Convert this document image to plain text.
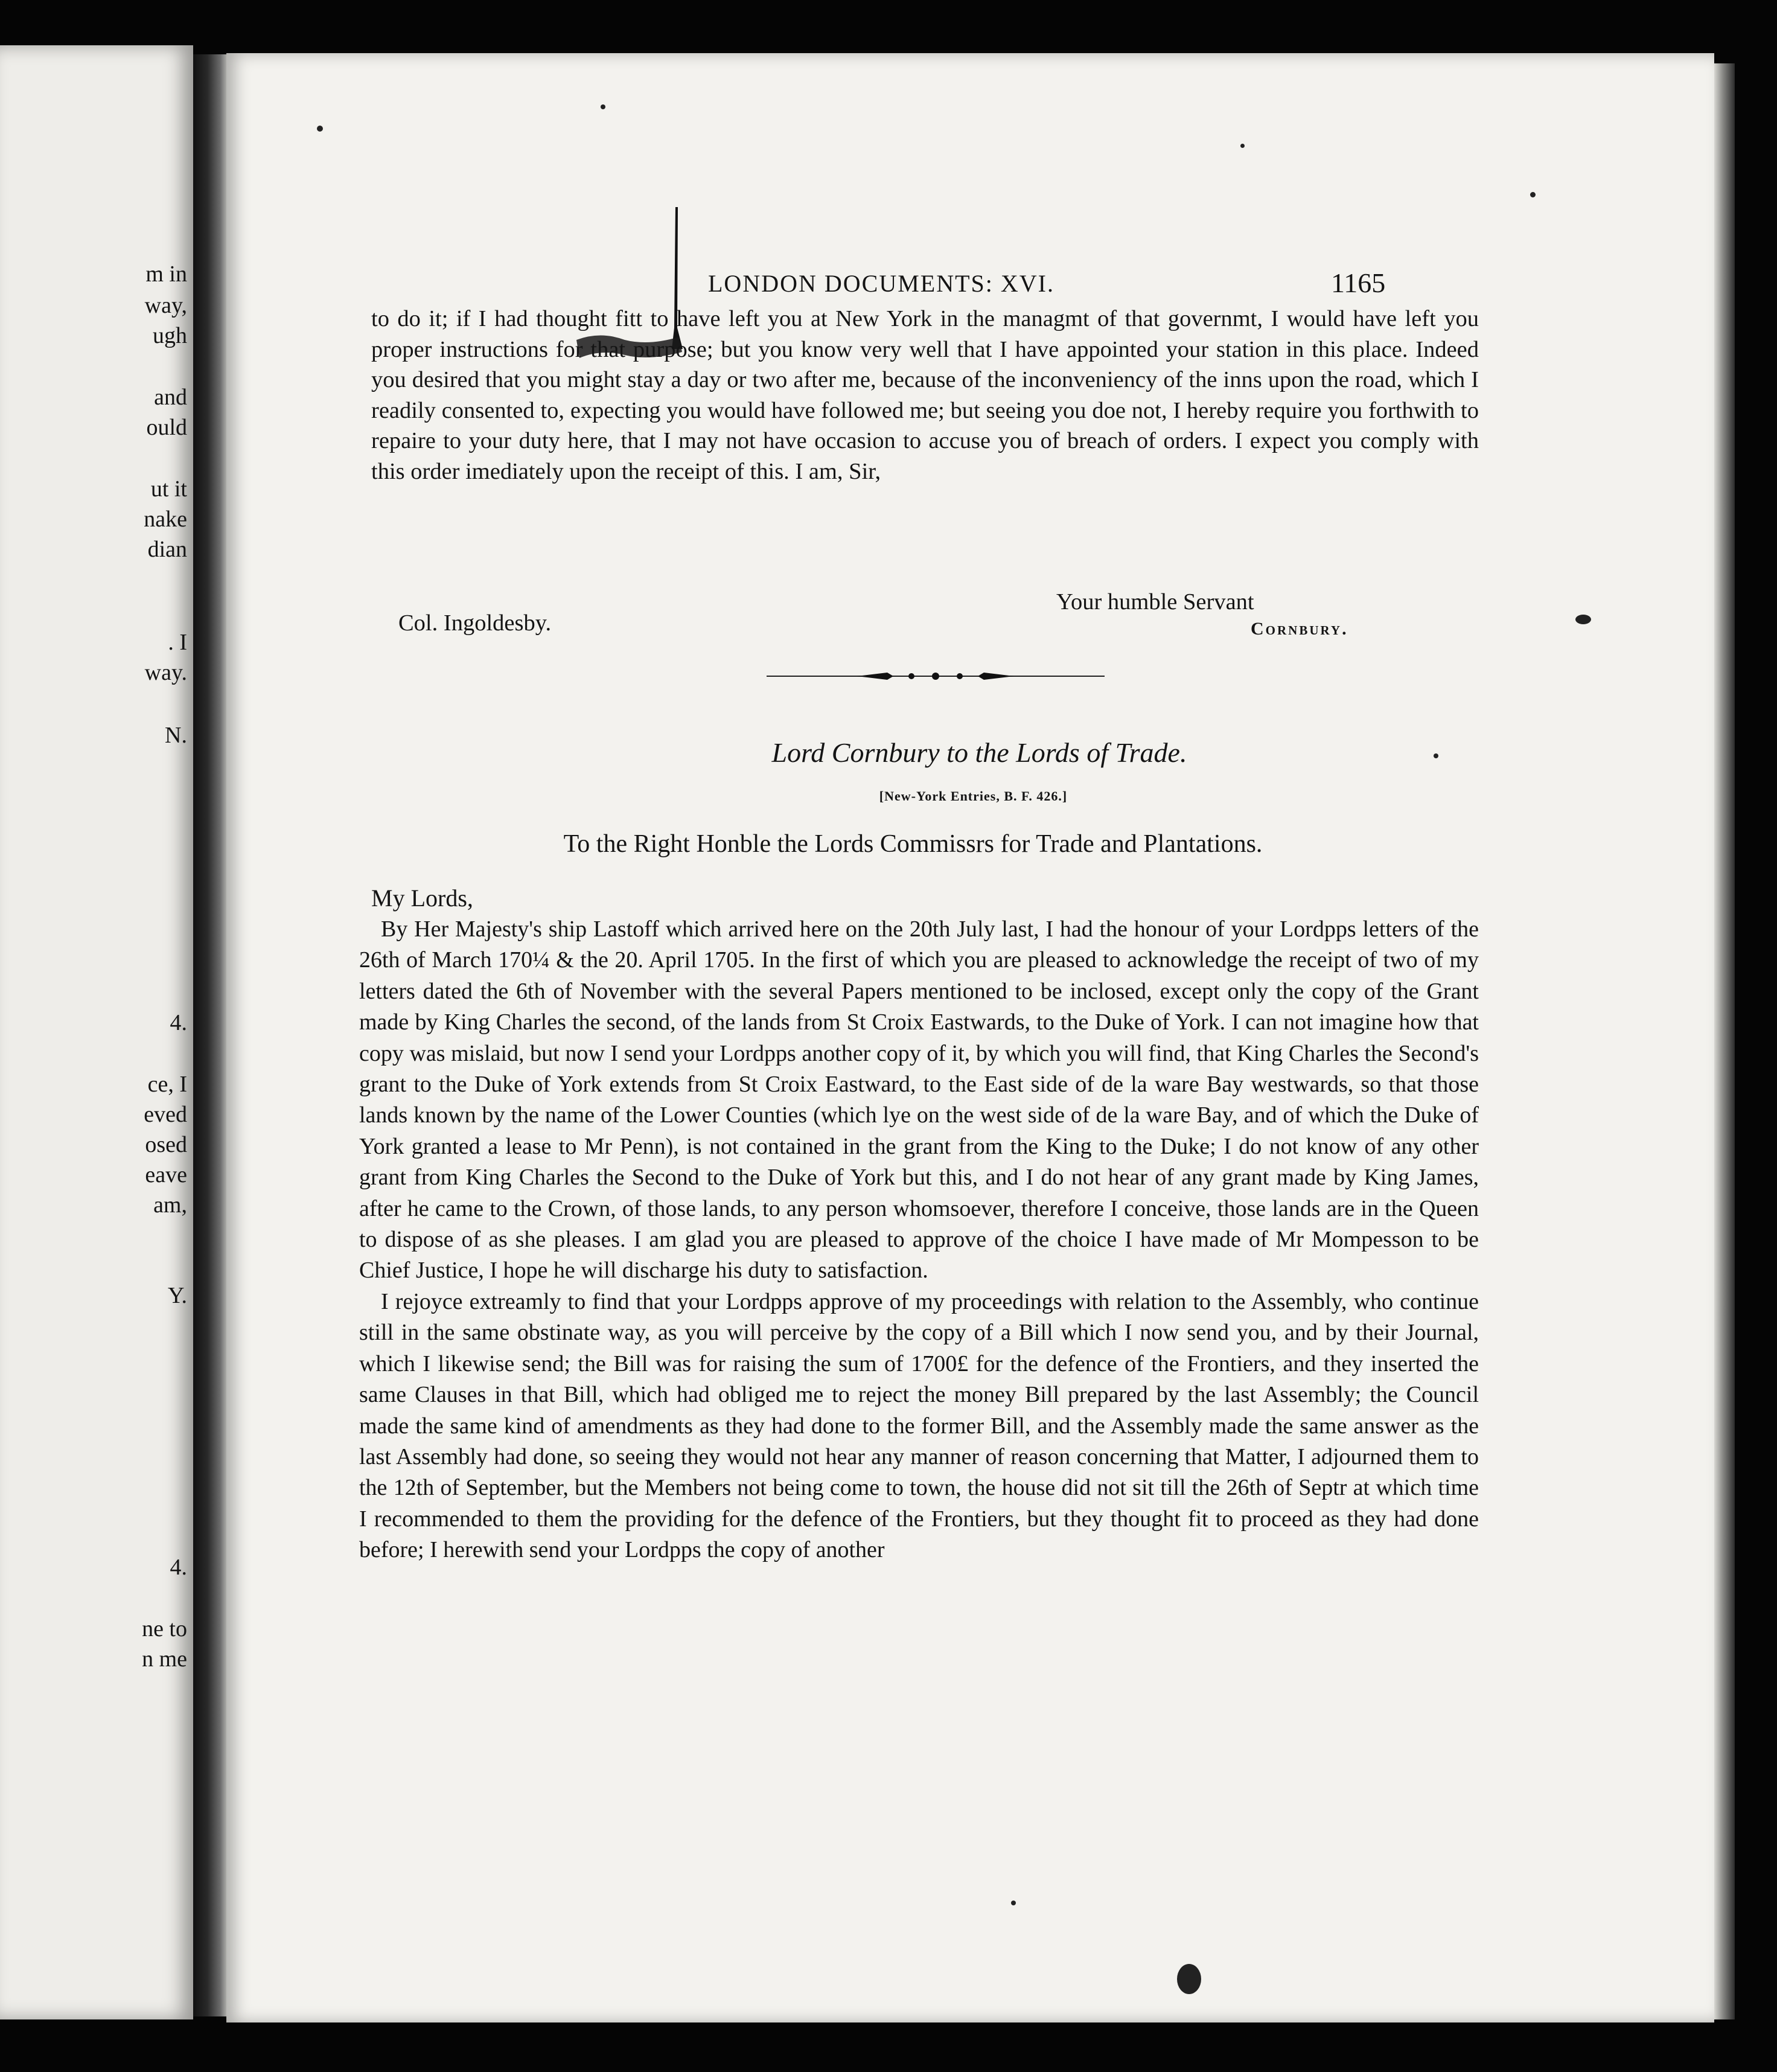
m in
way,
ugh
and
ould
ut it
nake
dian
. I
way.
N.
4.
ce, I
eved
osed
eave
am,
Y.
4.
ne to
n me
LONDON DOCUMENTS: XVI.	1165

to do it; if I had thought fitt to have left you at New York in the managmt of that governmt, I would have left you proper instructions for that purpose; but you know very well that I have appointed your station in this place. Indeed you desired that you might stay a day or two after me, because of the inconveniency of the inns upon the road, which I readily consented to, expecting you would have followed me; but seeing you doe not, I hereby require you forthwith to repaire to your duty here, that I may not have occasion to accuse you of breach of orders. I expect you comply with this order imediately upon the receipt of this. I am, Sir,

Your humble Servant
Col. Ingoldesby.	Cornbury.
Lord Cornbury to the Lords of Trade.
[New-York Entries, B. F. 426.]
To the Right Honble the Lords Commissrs for Trade and Plantations.
My Lords,

By Her Majesty's ship Lastoff which arrived here on the 20th July last, I had the honour of your Lordpps letters of the 26th of March 170¼ & the 20. April 1705. In the first of which you are pleased to acknowledge the receipt of two of my letters dated the 6th of November with the several Papers mentioned to be inclosed, except only the copy of the Grant made by King Charles the second, of the lands from St Croix Eastwards, to the Duke of York. I can not imagine how that copy was mislaid, but now I send your Lordpps another copy of it, by which you will find, that King Charles the Second's grant to the Duke of York extends from St Croix Eastward, to the East side of de la ware Bay westwards, so that those lands known by the name of the Lower Counties (which lye on the west side of de la ware Bay, and of which the Duke of York granted a lease to Mr Penn), is not contained in the grant from the King to the Duke; I do not know of any other grant from King Charles the Second to the Duke of York but this, and I do not hear of any grant made by King James, after he came to the Crown, of those lands, to any person whomsoever, therefore I conceive, those lands are in the Queen to dispose of as she pleases. I am glad you are pleased to approve of the choice I have made of Mr Mompesson to be Chief Justice, I hope he will discharge his duty to satisfaction.

I rejoyce extreamly to find that your Lordpps approve of my proceedings with relation to the Assembly, who continue still in the same obstinate way, as you will perceive by the copy of a Bill which I now send you, and by their Journal, which I likewise send; the Bill was for raising the sum of 1700£ for the defence of the Frontiers, and they inserted the same Clauses in that Bill, which had obliged me to reject the money Bill prepared by the last Assembly; the Council made the same kind of amendments as they had done to the former Bill, and the Assembly made the same answer as the last Assembly had done, so seeing they would not hear any manner of reason concerning that Matter, I adjourned them to the 12th of September, but the Members not being come to town, the house did not sit till the 26th of Septr at which time I recommended to them the providing for the defence of the Frontiers, but they thought fit to proceed as they had done before; I herewith send your Lordpps the copy of another
